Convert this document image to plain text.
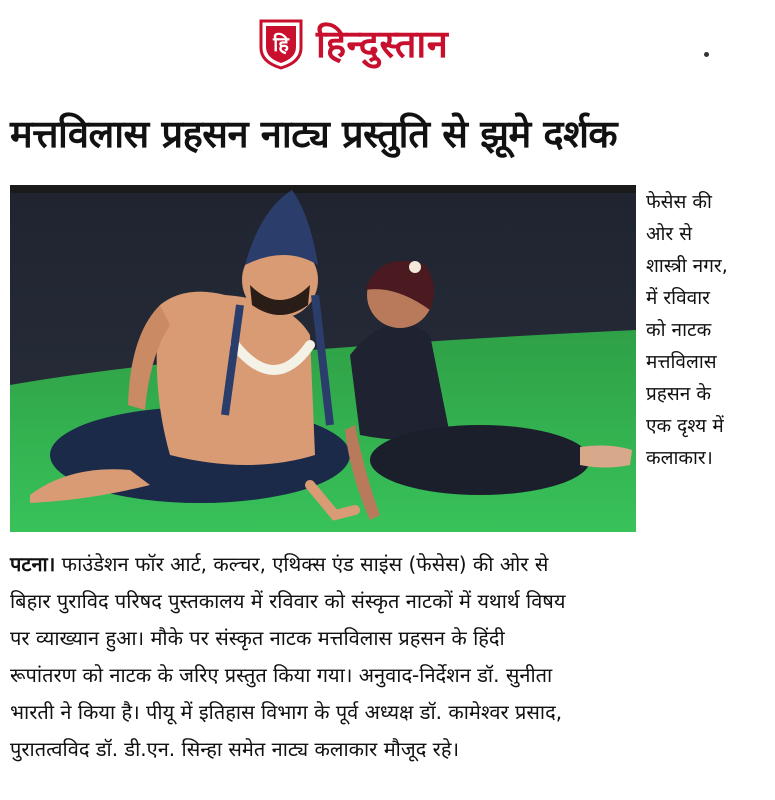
हि हिन्दुस्तान
मत्तविलास प्रहसन नाट्य प्रस्तुति से झूमे दर्शक
फेसेस की
ओर से
शास्त्री नगर,
में रविवार
को नाटक
मत्तविलास
प्रहसन के
एक दृश्य में
कलाकार।
पटना। फाउंडेशन फॉर आर्ट, कल्चर, एथिक्स एंड साइंस (फेसेस) की ओर से
बिहार पुराविद परिषद पुस्तकालय में रविवार को संस्कृत नाटकों में यथार्थ विषय
पर व्याख्यान हुआ। मौके पर संस्कृत नाटक मत्तविलास प्रहसन के हिंदी
रूपांतरण को नाटक के जरिए प्रस्तुत किया गया। अनुवाद-निर्देशन डॉ. सुनीता
भारती ने किया है। पीयू में इतिहास विभाग के पूर्व अध्यक्ष डॉ. कामेश्वर प्रसाद,
पुरातत्वविद डॉ. डी.एन. सिन्हा समेत नाट्य कलाकार मौजूद रहे।
